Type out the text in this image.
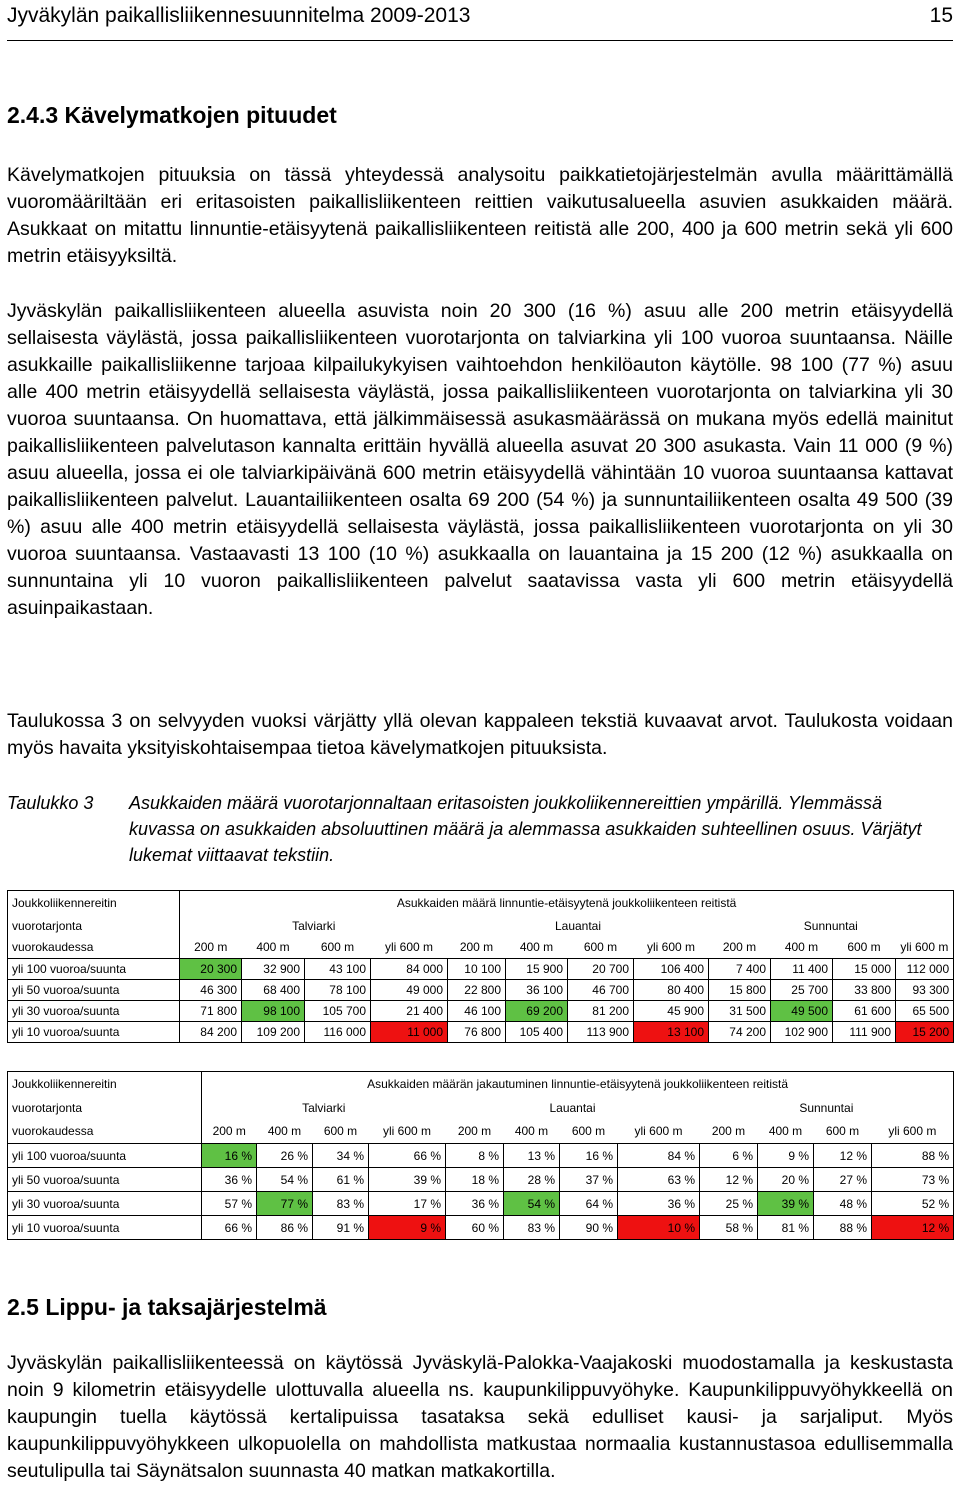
Jyväkylän paikallisliikennesuunnitelma 2009-2013	15
2.4.3 Kävelymatkojen pituudet

Kävelymatkojen pituuksia on tässä yhteydessä analysoitu paikkatietojärjestelmän avulla määrittämällä vuoromääriltään eri eritasoisten paikallisliikenteen reittien vaikutusalueella asuvien asukkaiden määrä. Asukkaat on mitattu linnuntie-etäisyytenä paikallisliikenteen reitistä alle 200, 400 ja 600 metrin sekä yli 600 metrin etäisyyksiltä.

Jyväskylän paikallisliikenteen alueella asuvista noin 20 300 (16 %) asuu alle 200 metrin etäisyydellä sellaisesta väylästä, jossa paikallisliikenteen vuorotarjonta on talviarkina yli 100 vuoroa suuntaansa. Näille asukkaille paikallisliikenne tarjoaa kilpailukykyisen vaihtoehdon henkilöauton käytölle. 98 100 (77 %) asuu alle 400 metrin etäisyydellä sellaisesta väylästä, jossa paikallisliikenteen vuorotarjonta on talviarkina yli 30 vuoroa suuntaansa. On huomattava, että jälkimmäisessä asukasmäärässä on mukana myös edellä mainitut paikallisliikenteen palvelutason kannalta erittäin hyvällä alueella asuvat 20 300 asukasta. Vain 11 000 (9 %) asuu alueella, jossa ei ole talviarkipäivänä 600 metrin etäisyydellä vähintään 10 vuoroa suuntaansa kattavat paikallisliikenteen palvelut. Lauantailiikenteen osalta 69 200 (54 %) ja sunnuntailiikenteen osalta 49 500 (39 %) asuu alle 400 metrin etäisyydellä sellaisesta väylästä, jossa paikallisliikenteen vuorotarjonta on yli 30 vuoroa suuntaansa. Vastaavasti 13 100 (10 %) asukkaalla on lauantaina ja 15 200 (12 %) asukkaalla on sunnuntaina yli 10 vuoron paikallisliikenteen palvelut saatavissa vasta yli 600 metrin etäisyydellä asuinpaikastaan.

Taulukossa 3 on selvyyden vuoksi värjätty yllä olevan kappaleen tekstiä kuvaavat arvot. Taulukosta voidaan myös havaita yksityiskohtaisempaa tietoa kävelymatkojen pituuksista.

Taulukko 3 Asukkaiden määrä vuorotarjonnaltaan eritasoisten joukkoliikennereittien ympärillä. Ylemmässä kuvassa on asukkaiden absoluuttinen määrä ja alemmassa asukkaiden suhteellinen osuus. Värjätyt lukemat viittaavat tekstiin.
Joukkoliikennereitin	Asukkaiden määrä linnuntie-etäisyytenä joukkoliikenteen reitistä											
vuorotarjonta	Talviarki				Lauantai				Sunnuntai			
vuorokaudessa	200 m	400 m	600 m	yli 600 m	200 m	400 m	600 m	yli 600 m	200 m	400 m	600 m	yli 600 m
yli 100 vuoroa/suunta	20 300	32 900	43 100	84 000	10 100	15 900	20 700	106 400	7 400	11 400	15 000	112 000
yli 50 vuoroa/suunta	46 300	68 400	78 100	49 000	22 800	36 100	46 700	80 400	15 800	25 700	33 800	93 300
yli 30 vuoroa/suunta	71 800	98 100	105 700	21 400	46 100	69 200	81 200	45 900	31 500	49 500	61 600	65 500
yli 10 vuoroa/suunta	84 200	109 200	116 000	11 000	76 800	105 400	113 900	13 100	74 200	102 900	111 900	15 200
Joukkoliikennereitin	Asukkaiden määrän jakautuminen linnuntie-etäisyytenä joukkoliikenteen reitistä											
vuorotarjonta	Talviarki				Lauantai				Sunnuntai			
vuorokaudessa	200 m	400 m	600 m	yli 600 m	200 m	400 m	600 m	yli 600 m	200 m	400 m	600 m	yli 600 m
yli 100 vuoroa/suunta	16 %	26 %	34 %	66 %	8 %	13 %	16 %	84 %	6 %	9 %	12 %	88 %
yli 50 vuoroa/suunta	36 %	54 %	61 %	39 %	18 %	28 %	37 %	63 %	12 %	20 %	27 %	73 %
yli 30 vuoroa/suunta	57 %	77 %	83 %	17 %	36 %	54 %	64 %	36 %	25 %	39 %	48 %	52 %
yli 10 vuoroa/suunta	66 %	86 %	91 %	9 %	60 %	83 %	90 %	10 %	58 %	81 %	88 %	12 %
2.5 Lippu- ja taksajärjestelmä

Jyväskylän paikallisliikenteessä on käytössä Jyväskylä-Palokka-Vaajakoski muodostamalla ja keskustasta noin 9 kilometrin etäisyydelle ulottuvalla alueella ns. kaupunkilippuvyöhyke. Kaupunkilippuvyöhykkeellä on kaupungin tuella käytössä kertalipuissa tasataksa sekä edulliset kausi- ja sarjaliput. Myös kaupunkilippuvyöhykkeen ulkopuolella on mahdollista matkustaa normaalia kustannustasoa edullisemmalla seutulipulla tai Säynätsalon suunnasta 40 matkan matkakortilla.
